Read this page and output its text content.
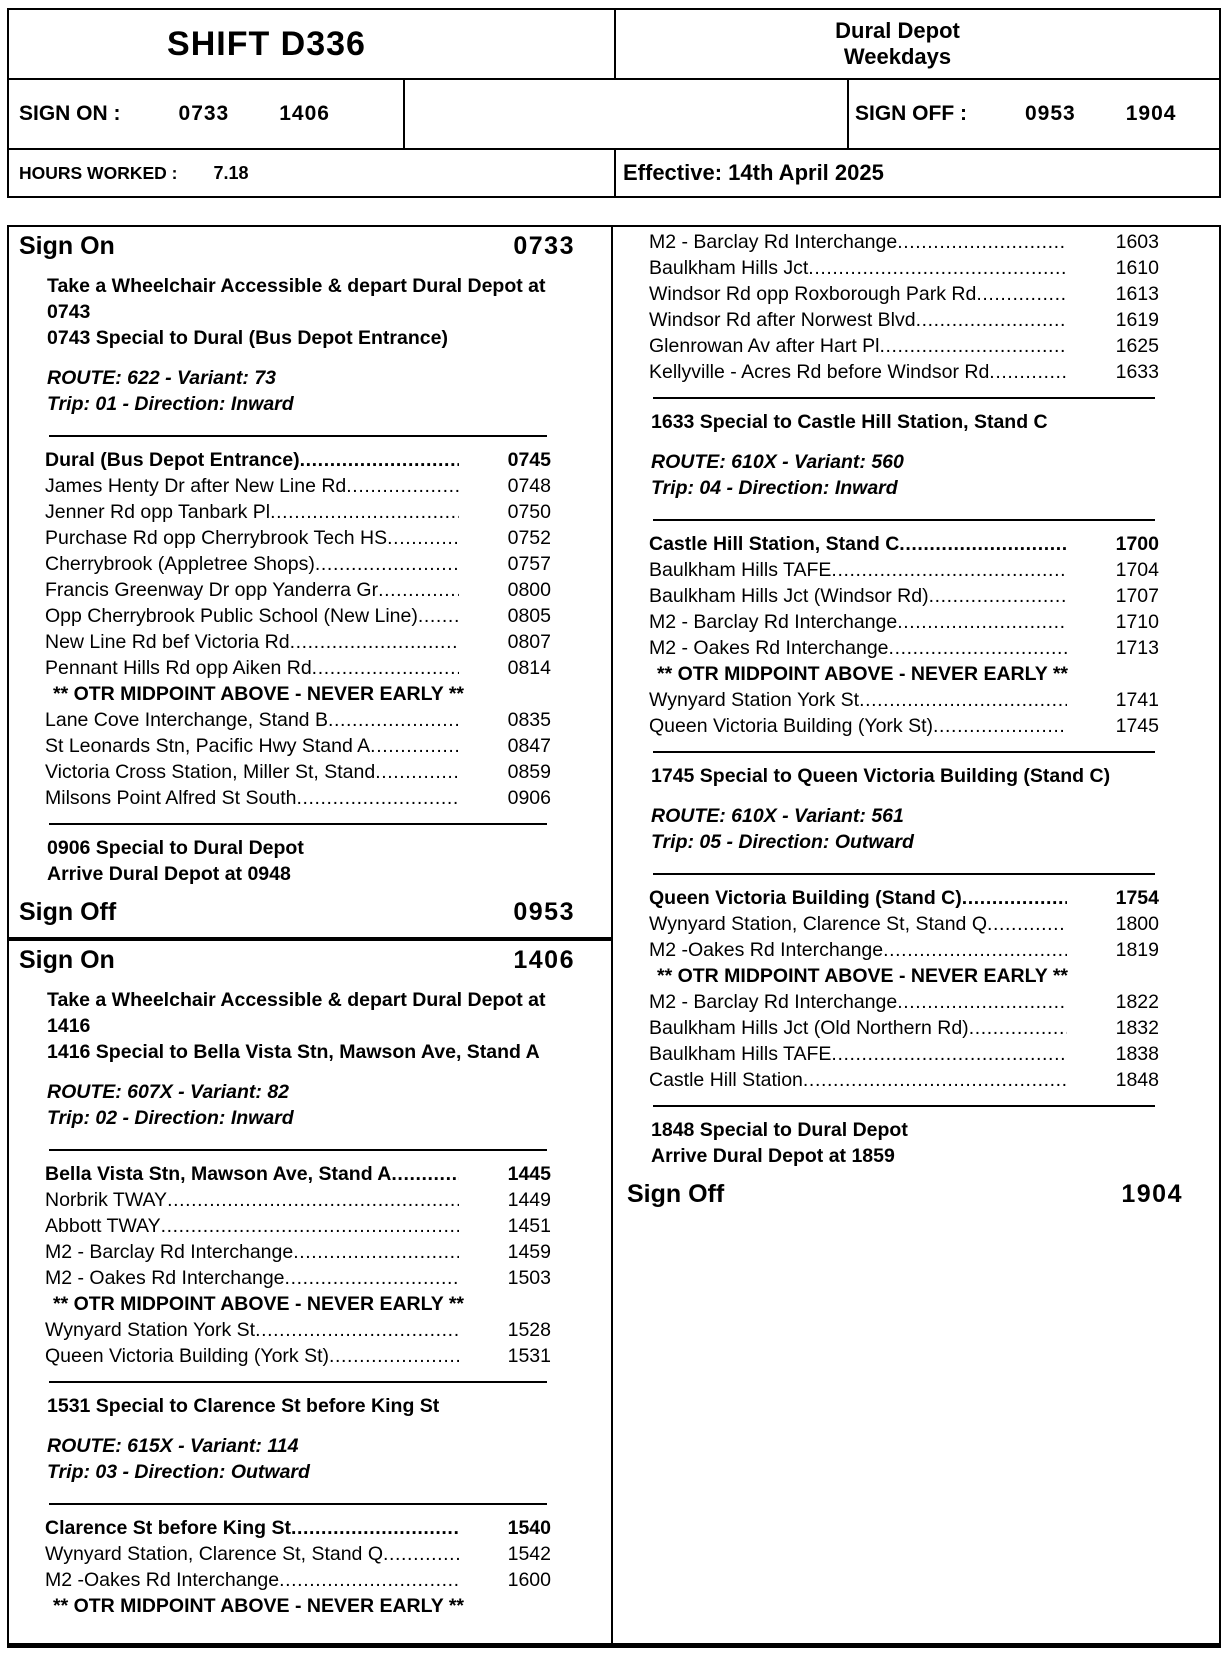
SHIFT D336	Dural Depot
Weekdays
SIGN ON :	0733 1406	SIGN OFF :	0953 1904
HOURS WORKED : 7.18	Effective: 14th April 2025
Sign On	0733
Take a Wheelchair Accessible & depart Dural Depot at
0743
0743 Special to Dural (Bus Depot Entrance)
ROUTE: 622 - Variant: 73
Trip: 01 - Direction: Inward
Dural (Bus Depot Entrance) .....	0745
James Henty Dr after New Line Rd .....	0748
Jenner Rd opp Tanbark Pl .....	0750
Purchase Rd opp Cherrybrook Tech HS .....	0752
Cherrybrook (Appletree Shops) .....	0757
Francis Greenway Dr opp Yanderra Gr .....	0800
Opp Cherrybrook Public School (New Line) .....	0805
New Line Rd bef Victoria Rd .....	0807
Pennant Hills Rd opp Aiken Rd .....	0814
** OTR MIDPOINT ABOVE - NEVER EARLY **
Lane Cove Interchange, Stand B .....	0835
St Leonards Stn, Pacific Hwy Stand A .....	0847
Victoria Cross Station, Miller St, Stand .....	0859
Milsons Point Alfred St South .....	0906
0906 Special to Dural Depot
Arrive Dural Depot at 0948
Sign Off	0953
Sign On	1406
Take a Wheelchair Accessible & depart Dural Depot at
1416
1416 Special to Bella Vista Stn, Mawson Ave, Stand A
ROUTE: 607X - Variant: 82
Trip: 02 - Direction: Inward
Bella Vista Stn, Mawson Ave, Stand A .....	1445
Norbrik TWAY .....	1449
Abbott TWAY .....	1451
M2 - Barclay Rd Interchange .....	1459
M2 - Oakes Rd Interchange .....	1503
** OTR MIDPOINT ABOVE - NEVER EARLY **
Wynyard Station York St .....	1528
Queen Victoria Building (York St) .....	1531
1531 Special to Clarence St before King St
ROUTE: 615X - Variant: 114
Trip: 03 - Direction: Outward
Clarence St before King St .....	1540
Wynyard Station, Clarence St, Stand Q .....	1542
M2 -Oakes Rd Interchange .....	1600
** OTR MIDPOINT ABOVE - NEVER EARLY **
M2 - Barclay Rd Interchange .....	1603
Baulkham Hills Jct .....	1610
Windsor Rd opp Roxborough Park Rd .....	1613
Windsor Rd after Norwest Blvd .....	1619
Glenrowan Av after Hart Pl .....	1625
Kellyville - Acres Rd before Windsor Rd .....	1633
1633 Special to Castle Hill Station, Stand C
ROUTE: 610X - Variant: 560
Trip: 04 - Direction: Inward
Castle Hill Station, Stand C .....	1700
Baulkham Hills TAFE .....	1704
Baulkham Hills Jct (Windsor Rd) .....	1707
M2 - Barclay Rd Interchange .....	1710
M2 - Oakes Rd Interchange .....	1713
** OTR MIDPOINT ABOVE - NEVER EARLY **
Wynyard Station York St .....	1741
Queen Victoria Building (York St) .....	1745
1745 Special to Queen Victoria Building (Stand C)
ROUTE: 610X - Variant: 561
Trip: 05 - Direction: Outward
Queen Victoria Building (Stand C) .....	1754
Wynyard Station, Clarence St, Stand Q .....	1800
M2 -Oakes Rd Interchange .....	1819
** OTR MIDPOINT ABOVE - NEVER EARLY **
M2 - Barclay Rd Interchange .....	1822
Baulkham Hills Jct (Old Northern Rd) .....	1832
Baulkham Hills TAFE .....	1838
Castle Hill Station .....	1848
1848 Special to Dural Depot
Arrive Dural Depot at 1859
Sign Off	1904
